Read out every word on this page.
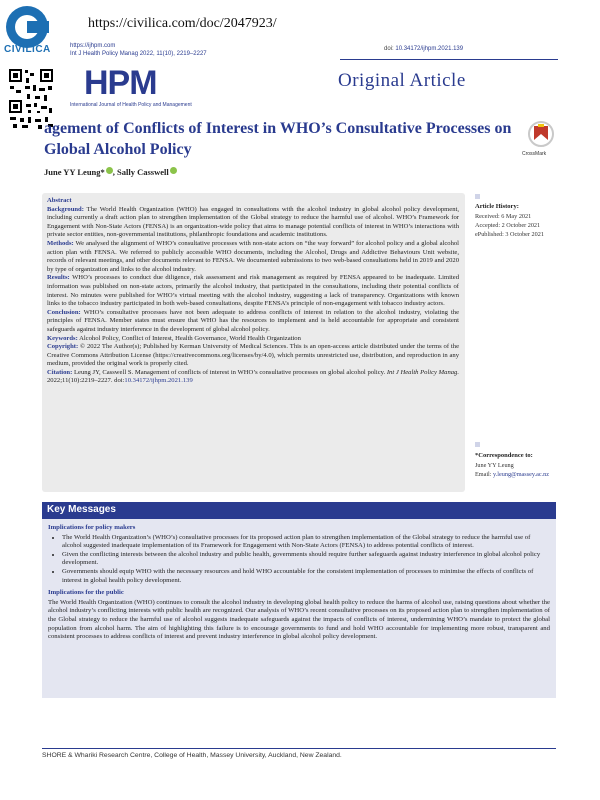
CIVILICA
https://civilica.com/doc/2047923/
https://ijhpm.com
Int J Health Policy Manag 2022, 11(10), 2219–2227
doi: 10.34172/ijhpm.2021.139
HPM
International Journal of Health Policy and Management
Original Article
agement of Conflicts of Interest in WHO’s Consultative Processes on Global Alcohol Policy	CrossMark
June YY Leung* , Sally Casswell

Abstract

Background: The World Health Organization (WHO) has engaged in consultations with the alcohol industry in global alcohol policy development, including currently a draft action plan to strengthen implementation of the Global strategy to reduce the harmful use of alcohol. WHO’s Framework for Engagement with Non-State Actors (FENSA) is an organization-wide policy that aims to manage potential conflicts of interest in WHO’s interactions with private sector entities, non-governmental institutions, philanthropic foundations and academic institutions.

Methods: We analysed the alignment of WHO’s consultative processes with non-state actors on “the way forward” for alcohol policy and a global alcohol action plan with FENSA. We referred to publicly accessible WHO documents, including the Alcohol, Drugs and Addictive Behaviours Unit website, records of relevant meetings, and other documents relevant to FENSA. We documented submissions to two web-based consultations held in 2019 and 2020 by type of organization and links to the alcohol industry.

Results: WHO’s processes to conduct due diligence, risk assessment and risk management as required by FENSA appeared to be inadequate. Limited information was published on non-state actors, primarily the alcohol industry, that participated in the consultations, including their potential conflicts of interest. No minutes were published for WHO’s virtual meeting with the alcohol industry, suggesting a lack of transparency. Organizations with known links to the tobacco industry participated in both web-based consultations, despite FENSA’s principle of non-engagement with tobacco industry actors.

Conclusion: WHO’s consultative processes have not been adequate to address conflicts of interest in relation to the alcohol industry, violating the principles of FENSA. Member states must ensure that WHO has the resources to implement and is held accountable for appropriate and consistent safeguards against industry interference in the development of global alcohol policy.

Keywords: Alcohol Policy, Conflict of Interest, Health Governance, World Health Organization

Copyright: © 2022 The Author(s); Published by Kerman University of Medical Sciences. This is an open-access article distributed under the terms of the Creative Commons Attribution License (https://creativecommons.org/licenses/by/4.0), which permits unrestricted use, distribution, and reproduction in any medium, provided the original work is properly cited.

Citation: Leung JY, Casswell S. Management of conflicts of interest in WHO’s consultative processes on global alcohol policy. Int J Health Policy Manag. 2022;11(10):2219–2227. doi:10.34172/ijhpm.2021.139

Article History:
Received: 6 May 2021
Accepted: 2 October 2021
ePublished: 3 October 2021
*Correspondence to:
June YY Leung
Email: y.leung@massey.ac.nz
Key Messages
Implications for policy makers
• The World Health Organization’s (WHO’s) consultative processes for its proposed action plan to strengthen implementation of the Global strategy to reduce the harmful use of alcohol suggested inadequate implementation of its Framework for Engagement with Non-State Actors (FENSA) to address potential conflicts of interest.
• Given the conflicting interests between the alcohol industry and public health, governments should require further safeguards against industry interference in global alcohol policy development.
• Governments should equip WHO with the necessary resources and hold WHO accountable for the consistent implementation of processes to minimise the effects of conflicts of interest in global health policy development.
Implications for the public

The World Health Organization (WHO) continues to consult the alcohol industry in developing global health policy to reduce the harms of alcohol use, raising questions about whether the alcohol industry’s conflicting interests with public health are recognized. Our analysis of WHO’s recent consultative processes on its proposed action plan to strengthen implementation of the Global strategy to reduce the harmful use of alcohol suggests inadequate safeguards against the impacts of conflicts of interest, undermining WHO’s mandate to protect the global population from alcohol harm. The aim of highlighting this failure is to encourage governments to fund and hold WHO accountable for implementing more robust, transparent and consistent processes to address conflicts of interest and prevent industry interference in global alcohol policy development.

SHORE & Whariki Research Centre, College of Health, Massey University, Auckland, New Zealand.
